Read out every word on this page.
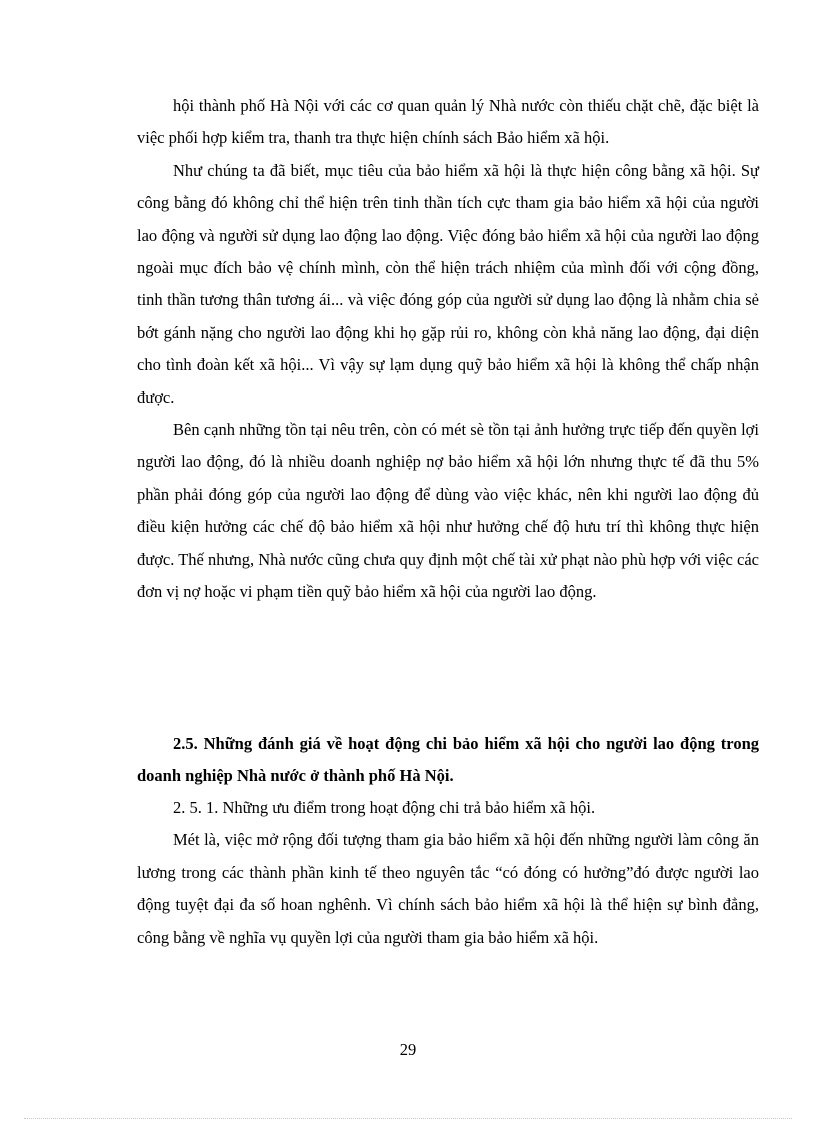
hội thành phố Hà Nội với các cơ quan quản lý Nhà nước còn thiếu chặt chẽ, đặc biệt là việc phối hợp kiểm tra, thanh tra thực hiện chính sách Bảo hiểm xã hội.

Như chúng ta đã biết, mục tiêu của bảo hiểm xã hội là thực hiện công bằng xã hội. Sự công bằng đó không chỉ thể hiện trên tinh thần tích cực tham gia bảo hiểm xã hội của người lao động và người sử dụng lao động lao động. Việc đóng bảo hiểm xã hội của người lao động ngoài mục đích bảo vệ chính mình, còn thể hiện trách nhiệm của mình đối với cộng đồng, tinh thần tương thân tương ái... và việc đóng góp của người sử dụng lao động là nhằm chia sẻ bớt gánh nặng cho người lao động khi họ gặp rủi ro, không còn khả năng lao động, đại diện cho tình đoàn kết xã hội... Vì vậy sự lạm dụng quỹ bảo hiểm xã hội là không thể chấp nhận được.

Bên cạnh những tồn tại nêu trên, còn có mét sè tồn tại ảnh hưởng trực tiếp đến quyền lợi người lao động, đó là nhiều doanh nghiệp nợ bảo hiểm xã hội lớn nhưng thực tế đã thu 5% phần phải đóng góp của người lao động để dùng vào việc khác, nên khi người lao động đủ điều kiện hưởng các chế độ bảo hiểm xã hội như hưởng chế độ hưu trí thì không thực hiện được. Thế nhưng, Nhà nước cũng chưa quy định một chế tài xử phạt nào phù hợp với việc các đơn vị nợ hoặc vi phạm tiền quỹ bảo hiểm xã hội của người lao động.

2.5. Những đánh giá về hoạt động chi bảo hiểm xã hội cho người lao động trong doanh nghiệp Nhà nước ở thành phố Hà Nội.

2. 5. 1. Những ưu điểm trong hoạt động chi trả bảo hiểm xã hội.

Mét là, việc mở rộng đối tượng tham gia bảo hiểm xã hội đến những người làm công ăn lương trong các thành phần kinh tế theo nguyên tắc “có đóng có hưởng”đó được người lao động tuyệt đại đa số hoan nghênh. Vì chính sách bảo hiểm xã hội là thể hiện sự bình đẳng, công bằng về nghĩa vụ quyền lợi của người tham gia bảo hiểm xã hội.

29
